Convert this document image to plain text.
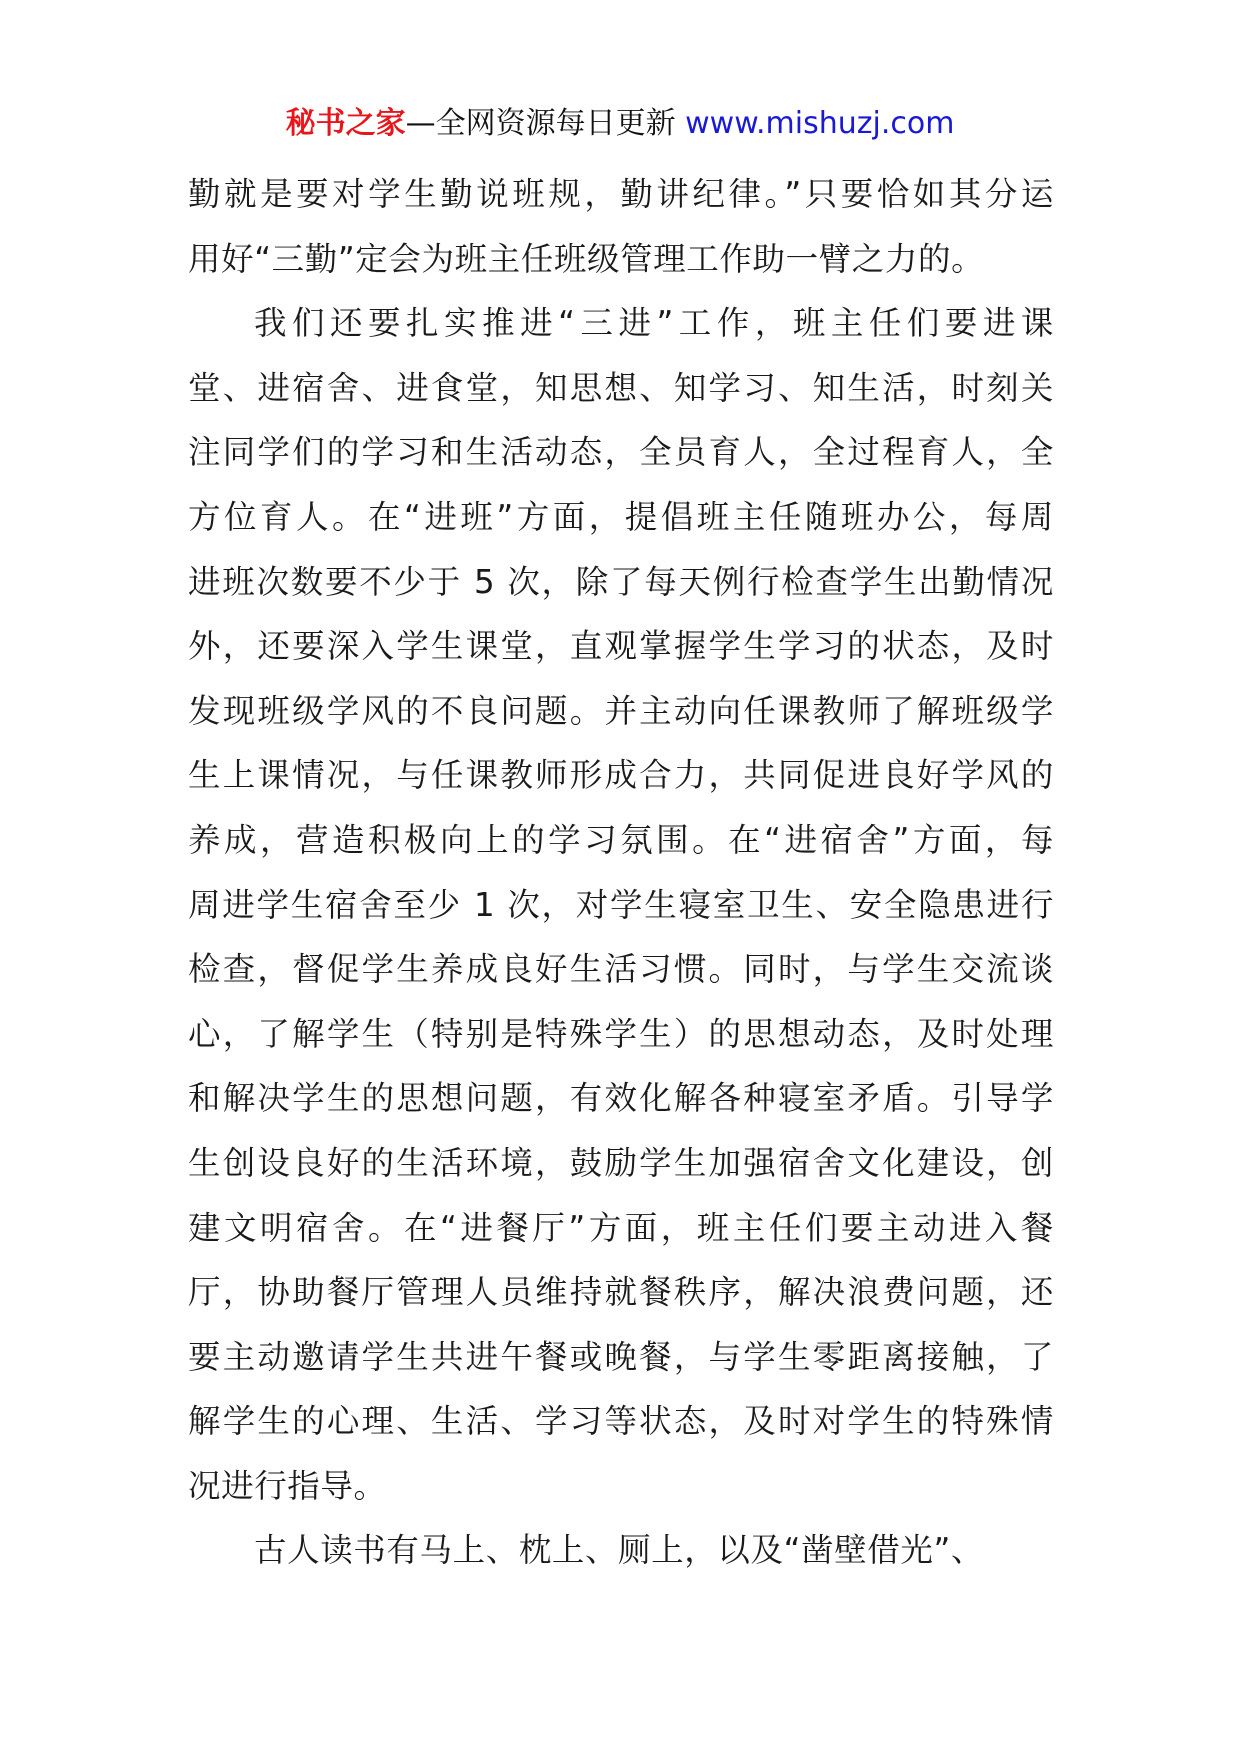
秘书之家—全网资源每日更新 www.mishuzj.com
勤就是要对学生勤说班规，勤讲纪律。”只要恰如其分运
用好“三勤”定会为班主任班级管理工作助一臂之力的。
我们还要扎实推进“三进”工作，班主任们要进课
堂、进宿舍、进食堂，知思想、知学习、知生活，时刻关
注同学们的学习和生活动态，全员育人，全过程育人，全
方位育人。在“进班”方面，提倡班主任随班办公，每周
进班次数要不少于 5 次，除了每天例行检查学生出勤情况
外，还要深入学生课堂，直观掌握学生学习的状态，及时
发现班级学风的不良问题。并主动向任课教师了解班级学
生上课情况，与任课教师形成合力，共同促进良好学风的
养成，营造积极向上的学习氛围。在“进宿舍”方面，每
周进学生宿舍至少 1 次，对学生寝室卫生、安全隐患进行
检查，督促学生养成良好生活习惯。同时，与学生交流谈
心，了解学生（特别是特殊学生）的思想动态，及时处理
和解决学生的思想问题，有效化解各种寝室矛盾。引导学
生创设良好的生活环境，鼓励学生加强宿舍文化建设，创
建文明宿舍。在“进餐厅”方面，班主任们要主动进入餐
厅，协助餐厅管理人员维持就餐秩序，解决浪费问题，还
要主动邀请学生共进午餐或晚餐，与学生零距离接触，了
解学生的心理、生活、学习等状态，及时对学生的特殊情
况进行指导。
古人读书有马上、枕上、厕上，以及“凿壁借光”、
